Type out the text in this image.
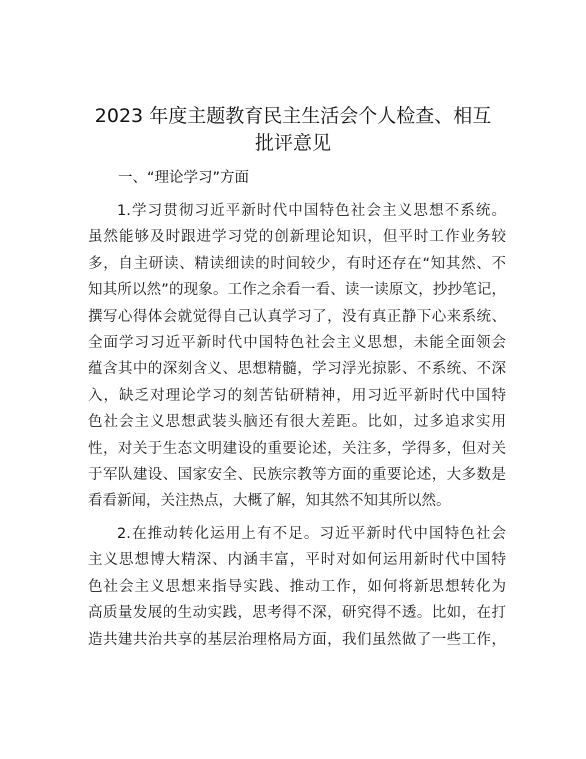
2023 年度主题教育民主生活会个人检查、相互
批评意见

一、“理论学习”方面

1.学习贯彻习近平新时代中国特色社会主义思想不系统。
虽然能够及时跟进学习党的创新理论知识，但平时工作业务较
多，自主研读、精读细读的时间较少，有时还存在“知其然、不
知其所以然”的现象。工作之余看一看、读一读原文，抄抄笔记，
撰写心得体会就觉得自己认真学习了，没有真正静下心来系统、
全面学习习近平新时代中国特色社会主义思想，未能全面领会
蕴含其中的深刻含义、思想精髓，学习浮光掠影、不系统、不深
入，缺乏对理论学习的刻苦钻研精神，用习近平新时代中国特
色社会主义思想武装头脑还有很大差距。比如，过多追求实用
性，对关于生态文明建设的重要论述，关注多，学得多，但对关
于军队建设、国家安全、民族宗教等方面的重要论述，大多数是
看看新闻，关注热点，大概了解，知其然不知其所以然。

2.在推动转化运用上有不足。习近平新时代中国特色社会
主义思想博大精深、内涵丰富，平时对如何运用新时代中国特
色社会主义思想来指导实践、推动工作，如何将新思想转化为
高质量发展的生动实践，思考得不深，研究得不透。比如，在打
造共建共治共享的基层治理格局方面，我们虽然做了一些工作，
